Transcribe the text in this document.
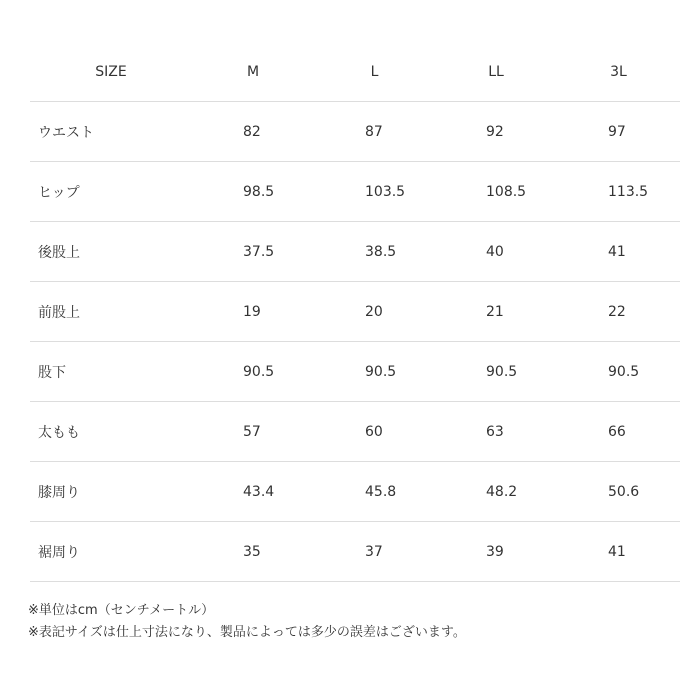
SIZE	M	L	LL	3L
ウエスト	82	87	92	97
ヒップ	98.5	103.5	108.5	113.5
後股上	37.5	38.5	40	41
前股上	19	20	21	22
股下	90.5	90.5	90.5	90.5
太もも	57	60	63	66
膝周り	43.4	45.8	48.2	50.6
裾周り	35	37	39	41
※単位はcm（センチメートル）
※表記サイズは仕上寸法になり、製品によっては多少の誤差はございます。
